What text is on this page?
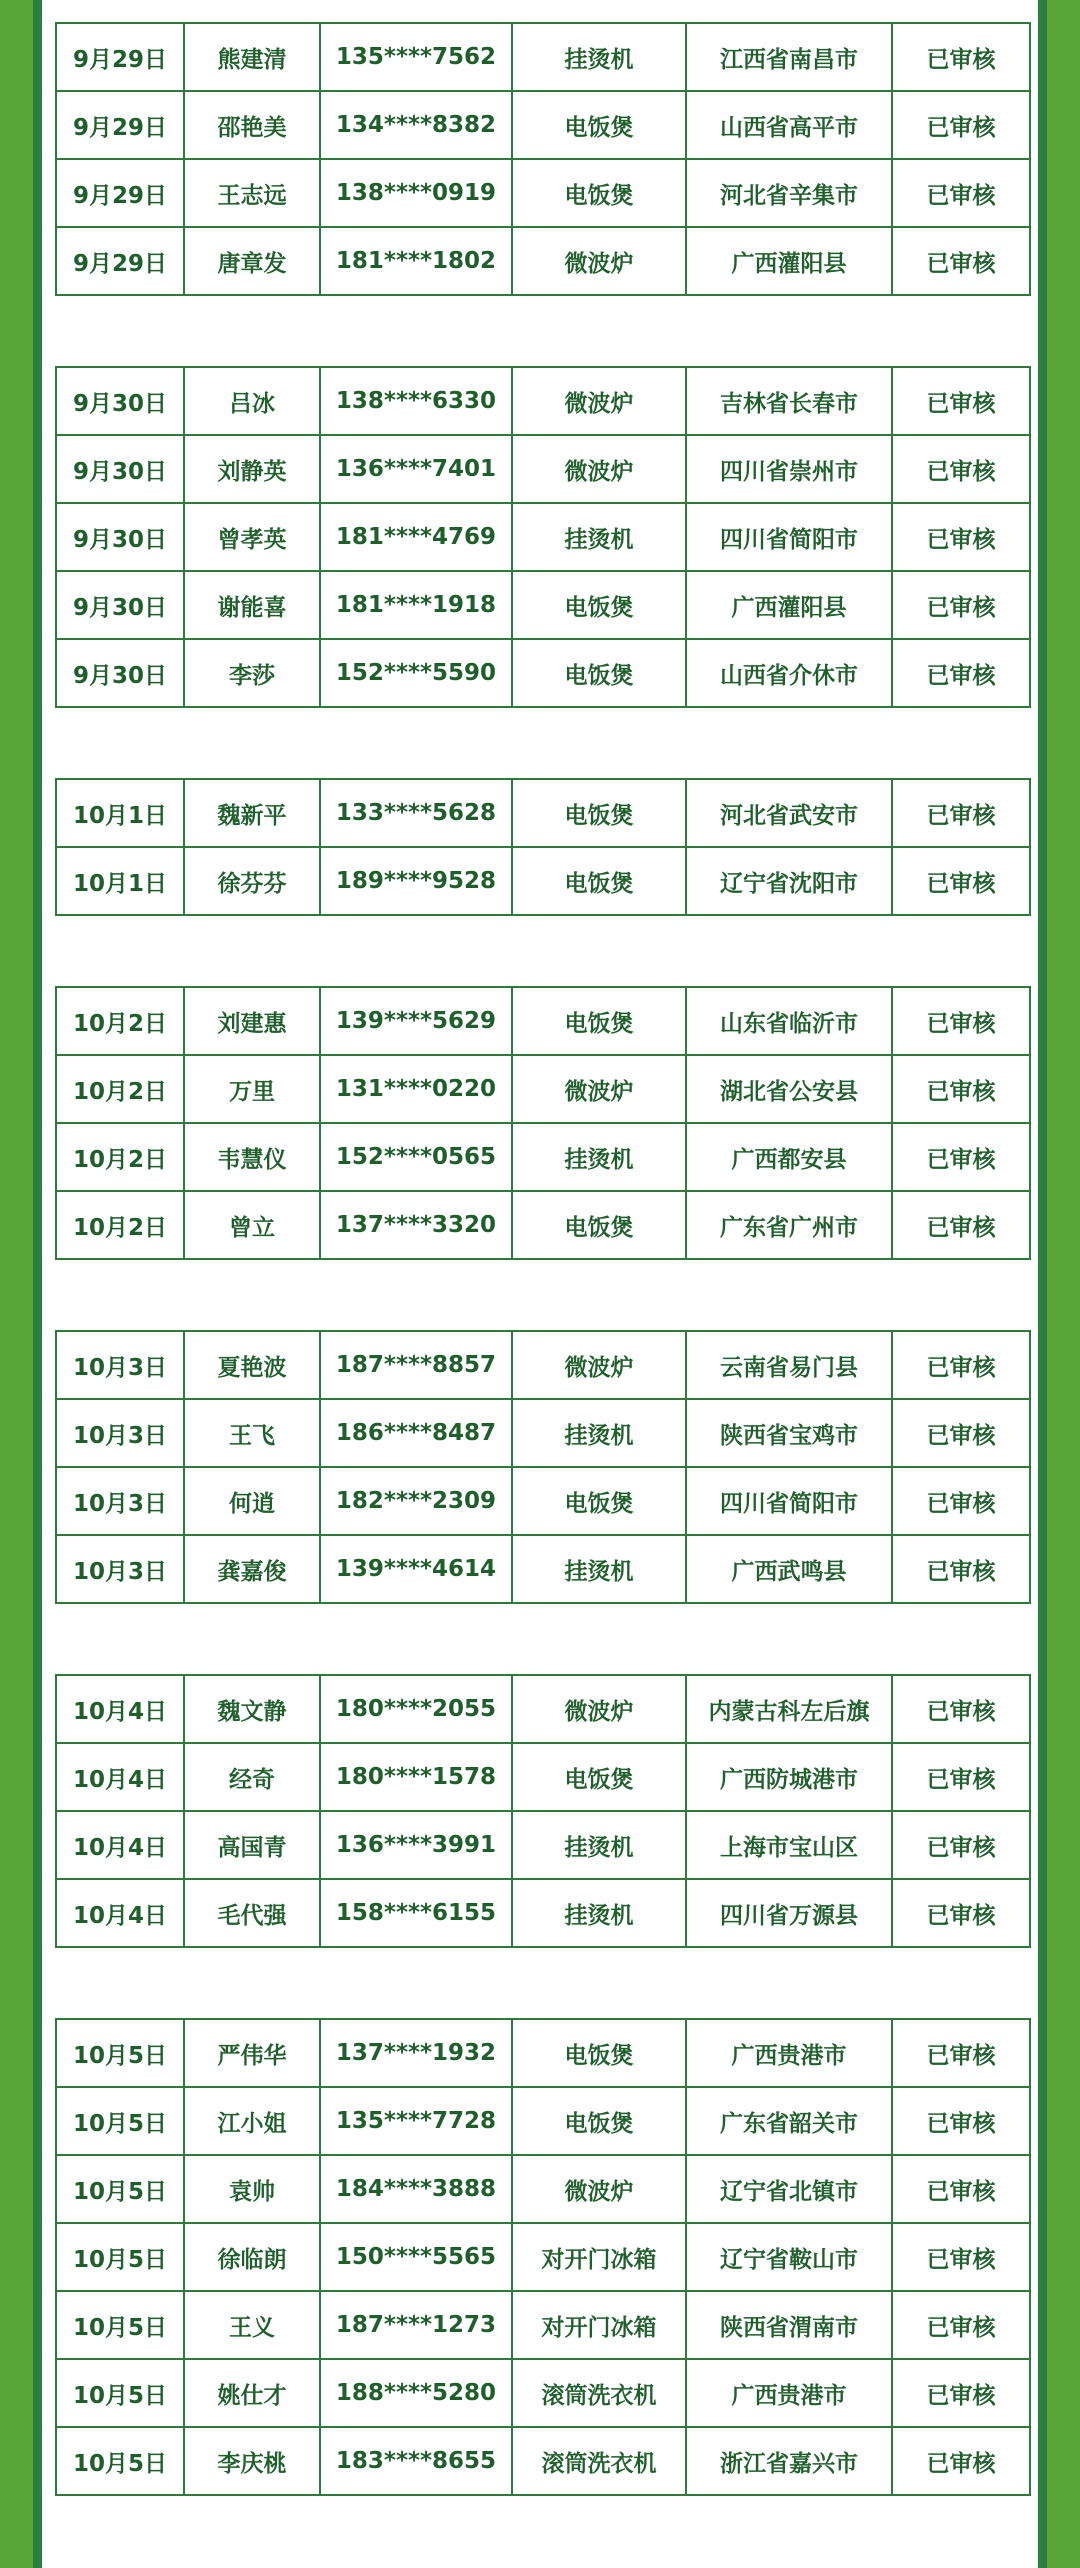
9月29日	熊建清	135****7562	挂烫机	江西省南昌市	已审核
9月29日	邵艳美	134****8382	电饭煲	山西省高平市	已审核
9月29日	王志远	138****0919	电饭煲	河北省辛集市	已审核
9月29日	唐章发	181****1802	微波炉	广西灌阳县	已审核
9月30日	吕冰	138****6330	微波炉	吉林省长春市	已审核
9月30日	刘静英	136****7401	微波炉	四川省崇州市	已审核
9月30日	曾孝英	181****4769	挂烫机	四川省简阳市	已审核
9月30日	谢能喜	181****1918	电饭煲	广西灌阳县	已审核
9月30日	李莎	152****5590	电饭煲	山西省介休市	已审核
10月1日	魏新平	133****5628	电饭煲	河北省武安市	已审核
10月1日	徐芬芬	189****9528	电饭煲	辽宁省沈阳市	已审核
10月2日	刘建惠	139****5629	电饭煲	山东省临沂市	已审核
10月2日	万里	131****0220	微波炉	湖北省公安县	已审核
10月2日	韦慧仪	152****0565	挂烫机	广西都安县	已审核
10月2日	曾立	137****3320	电饭煲	广东省广州市	已审核
10月3日	夏艳波	187****8857	微波炉	云南省易门县	已审核
10月3日	王飞	186****8487	挂烫机	陕西省宝鸡市	已审核
10月3日	何逍	182****2309	电饭煲	四川省简阳市	已审核
10月3日	龚嘉俊	139****4614	挂烫机	广西武鸣县	已审核
10月4日	魏文静	180****2055	微波炉	内蒙古科左后旗	已审核
10月4日	经奇	180****1578	电饭煲	广西防城港市	已审核
10月4日	高国青	136****3991	挂烫机	上海市宝山区	已审核
10月4日	毛代强	158****6155	挂烫机	四川省万源县	已审核
10月5日	严伟华	137****1932	电饭煲	广西贵港市	已审核
10月5日	江小姐	135****7728	电饭煲	广东省韶关市	已审核
10月5日	袁帅	184****3888	微波炉	辽宁省北镇市	已审核
10月5日	徐临朗	150****5565	对开门冰箱	辽宁省鞍山市	已审核
10月5日	王义	187****1273	对开门冰箱	陕西省渭南市	已审核
10月5日	姚仕才	188****5280	滚筒洗衣机	广西贵港市	已审核
10月5日	李庆桃	183****8655	滚筒洗衣机	浙江省嘉兴市	已审核
